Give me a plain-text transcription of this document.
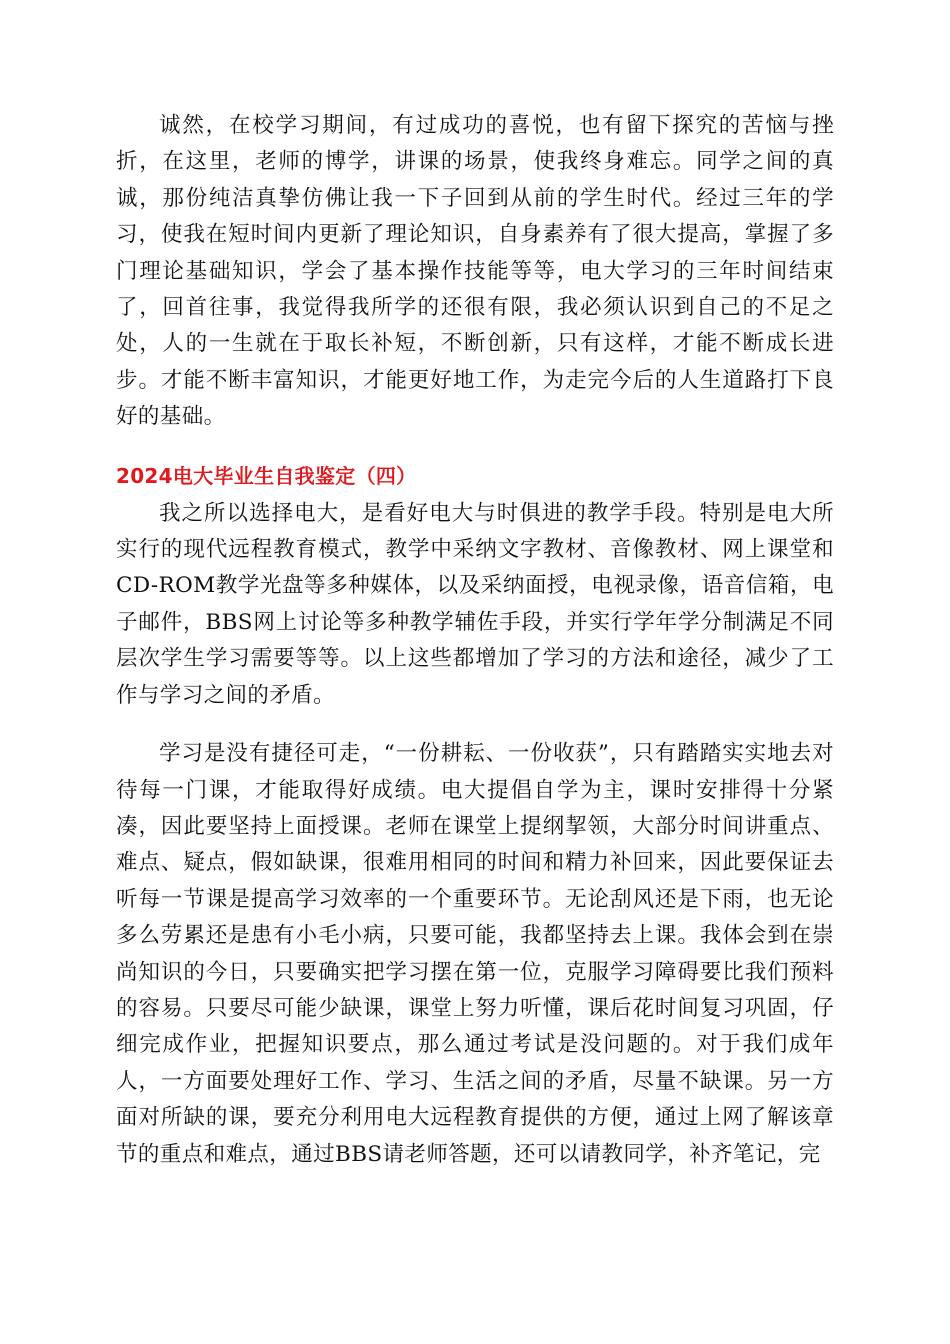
诚然，在校学习期间，有过成功的喜悦，也有留下探究的苦恼与挫折，在这里，老师的博学，讲课的场景，使我终身难忘。同学之间的真诚，那份纯洁真挚仿佛让我一下子回到从前的学生时代。经过三年的学习，使我在短时间内更新了理论知识，自身素养有了很大提高，掌握了多门理论基础知识，学会了基本操作技能等等，电大学习的三年时间结束了，回首往事，我觉得我所学的还很有限，我必须认识到自己的不足之处，人的一生就在于取长补短，不断创新，只有这样，才能不断成长进步。才能不断丰富知识，才能更好地工作，为走完今后的人生道路打下良好的基础。

2024电大毕业生自我鉴定（四）

我之所以选择电大，是看好电大与时俱进的教学手段。特别是电大所实行的现代远程教育模式，教学中采纳文字教材、音像教材、网上课堂和CD-ROM教学光盘等多种媒体，以及采纳面授，电视录像，语音信箱，电子邮件，BBS网上讨论等多种教学辅佐手段，并实行学年学分制满足不同层次学生学习需要等等。以上这些都增加了学习的方法和途径，减少了工作与学习之间的矛盾。

学习是没有捷径可走，“一份耕耘、一份收获”，只有踏踏实实地去对待每一门课，才能取得好成绩。电大提倡自学为主，课时安排得十分紧凑，因此要坚持上面授课。老师在课堂上提纲挈领，大部分时间讲重点、难点、疑点，假如缺课，很难用相同的时间和精力补回来，因此要保证去听每一节课是提高学习效率的一个重要环节。无论刮风还是下雨，也无论多么劳累还是患有小毛小病，只要可能，我都坚持去上课。我体会到在崇尚知识的今日，只要确实把学习摆在第一位，克服学习障碍要比我们预料的容易。只要尽可能少缺课，课堂上努力听懂，课后花时间复习巩固，仔细完成作业，把握知识要点，那么通过考试是没问题的。对于我们成年人，一方面要处理好工作、学习、生活之间的矛盾，尽量不缺课。另一方面对所缺的课，要充分利用电大远程教育提供的方便，通过上网了解该章节的重点和难点，通过BBS请老师答题，还可以请教同学，补齐笔记，完
